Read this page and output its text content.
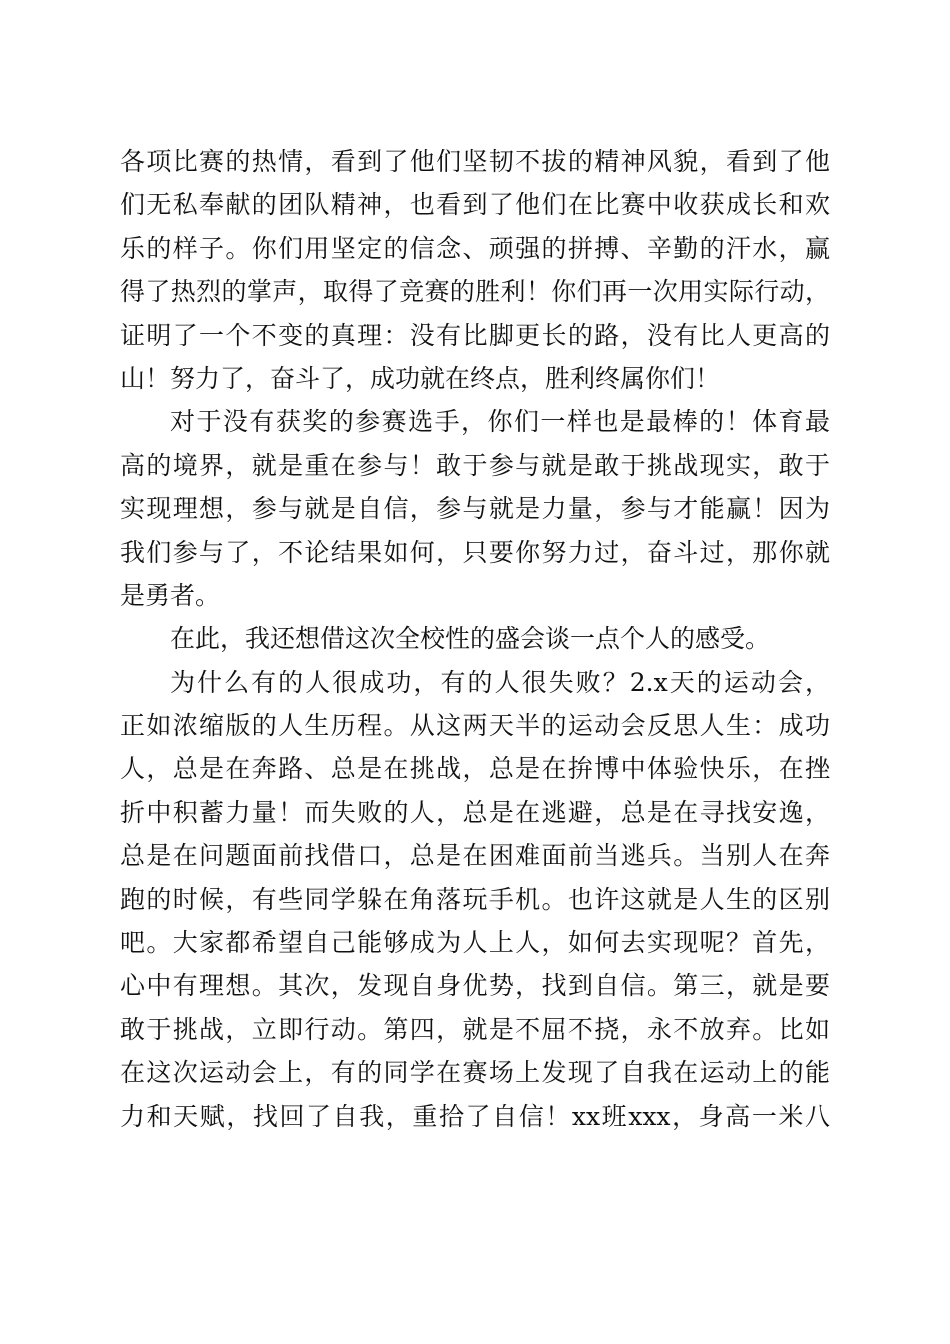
各项比赛的热情，看到了他们坚韧不拔的精神风貌，看到了他
们无私奉献的团队精神，也看到了他们在比赛中收获成长和欢
乐的样子。你们用坚定的信念、顽强的拼搏、辛勤的汗水，赢
得了热烈的掌声，取得了竞赛的胜利！你们再一次用实际行动，
证明了一个不变的真理：没有比脚更长的路，没有比人更高的
山！努力了，奋斗了，成功就在终点，胜利终属你们！
对于没有获奖的参赛选手，你们一样也是最棒的！体育最
高的境界，就是重在参与！敢于参与就是敢于挑战现实，敢于
实现理想，参与就是自信，参与就是力量，参与才能赢！因为
我们参与了，不论结果如何，只要你努力过，奋斗过，那你就
是勇者。
在此，我还想借这次全校性的盛会谈一点个人的感受。
为什么有的人很成功，有的人很失败？2.x天的运动会，
正如浓缩版的人生历程。从这两天半的运动会反思人生：成功
人，总是在奔路、总是在挑战，总是在拚博中体验快乐，在挫
折中积蓄力量！而失败的人，总是在逃避，总是在寻找安逸，
总是在问题面前找借口，总是在困难面前当逃兵。当别人在奔
跑的时候，有些同学躲在角落玩手机。也许这就是人生的区别
吧。大家都希望自己能够成为人上人，如何去实现呢？首先，
心中有理想。其次，发现自身优势，找到自信。第三，就是要
敢于挑战，立即行动。第四，就是不屈不挠，永不放弃。比如
在这次运动会上，有的同学在赛场上发现了自我在运动上的能
力和天赋，找回了自我，重拾了自信！xx班xxx，身高一米八
